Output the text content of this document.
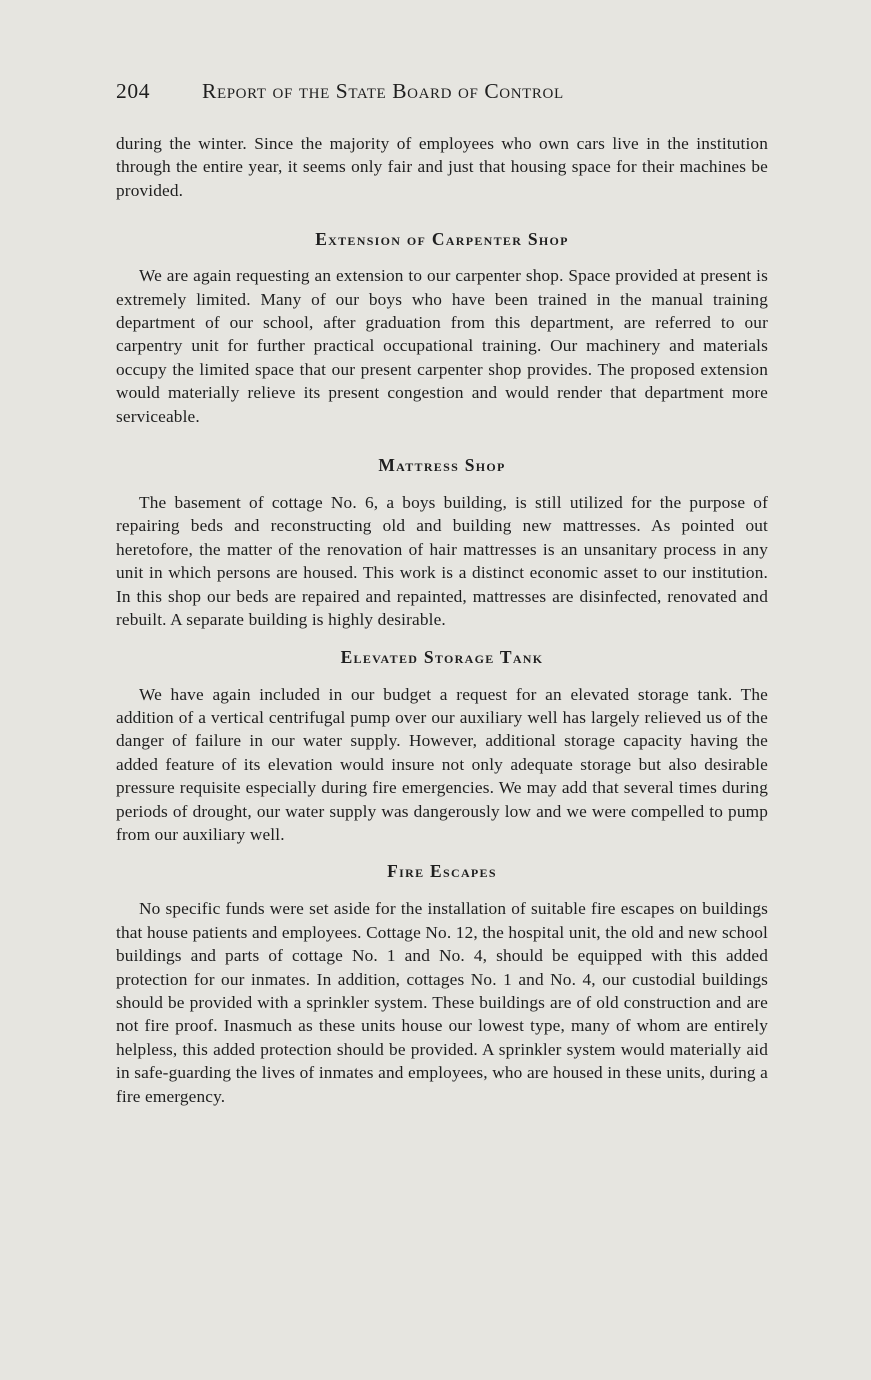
204 Report of the State Board of Control

during the winter. Since the majority of employees who own cars live in the institution through the entire year, it seems only fair and just that housing space for their machines be provided.

Extension of Carpenter Shop

We are again requesting an extension to our carpenter shop. Space provided at present is extremely limited. Many of our boys who have been trained in the manual training department of our school, after graduation from this department, are referred to our carpentry unit for further practical occupational training. Our machinery and materials occupy the limited space that our present carpenter shop provides. The proposed extension would materially relieve its present congestion and would render that department more serviceable.

Mattress Shop

The basement of cottage No. 6, a boys building, is still utilized for the purpose of repairing beds and reconstructing old and building new mattresses. As pointed out heretofore, the matter of the renovation of hair mattresses is an unsanitary process in any unit in which persons are housed. This work is a distinct economic asset to our institution. In this shop our beds are repaired and repainted, mattresses are disinfected, renovated and rebuilt. A separate building is highly desirable.

Elevated Storage Tank

We have again included in our budget a request for an elevated storage tank. The addition of a vertical centrifugal pump over our auxiliary well has largely relieved us of the danger of failure in our water supply. However, additional storage capacity having the added feature of its elevation would insure not only adequate storage but also desirable pressure requisite especially during fire emergencies. We may add that several times during periods of drought, our water supply was dangerously low and we were compelled to pump from our auxiliary well.

Fire Escapes

No specific funds were set aside for the installation of suitable fire escapes on buildings that house patients and employees. Cottage No. 12, the hospital unit, the old and new school buildings and parts of cottage No. 1 and No. 4, should be equipped with this added protection for our inmates. In addition, cottages No. 1 and No. 4, our custodial buildings should be provided with a sprinkler system. These buildings are of old construction and are not fire proof. Inasmuch as these units house our lowest type, many of whom are entirely helpless, this added protection should be provided. A sprinkler system would materially aid in safe-guarding the lives of inmates and employees, who are housed in these units, during a fire emergency.
